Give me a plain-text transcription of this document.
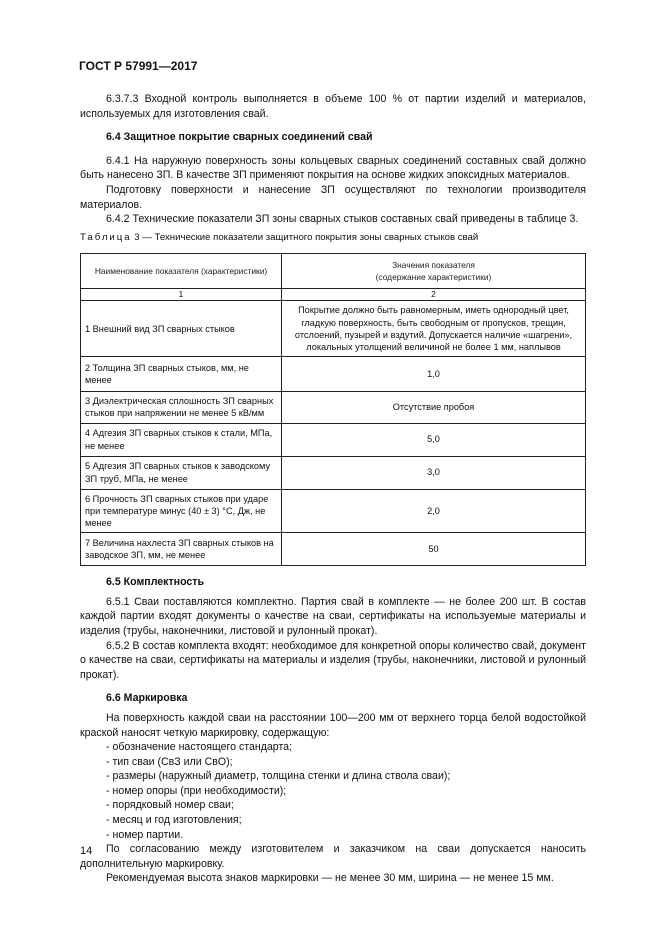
ГОСТ Р 57991—2017

6.3.7.3 Входной контроль выполняется в объеме 100 % от партии изделий и материалов, используемых для изготовления свай.

6.4 Защитное покрытие сварных соединений свай

6.4.1 На наружную поверхность зоны кольцевых сварных соединений составных свай должно быть нанесено ЗП. В качестве ЗП применяют покрытия на основе жидких эпоксидных материалов.

Подготовку поверхности и нанесение ЗП осуществляют по технологии производителя материалов.

6.4.2 Технические показатели ЗП зоны сварных стыков составных свай приведены в таблице 3.

Таблица 3 — Технические показатели защитного покрытия зоны сварных стыков свай
Наименование показателя (характеристики)	Значения показателя
(содержание характеристики)

1	2
1 Внешний вид ЗП сварных стыков	Покрытие должно быть равномерным, иметь однородный цвет, гладкую поверхность, быть свободным от пропусков, трещин, отслоений, пузырей и вздутий. Допускается наличие «шагрени», локальных утолщений величиной не более 1 мм, наплывов
2 Толщина ЗП сварных стыков, мм, не менее	1,0
3 Диэлектрическая сплошность ЗП сварных стыков при напряжении не менее 5 кВ/мм	Отсутствие пробоя
4 Адгезия ЗП сварных стыков к стали, МПа, не менее	5,0
5 Адгезия ЗП сварных стыков к заводскому ЗП труб, МПа, не менее	3,0
6 Прочность ЗП сварных стыков при ударе при температуре минус (40 ± 3) °С, Дж, не менее	2,0
7 Величина нахлеста ЗП сварных стыков на заводское ЗП, мм, не менее	50

6.5 Комплектность

6.5.1 Сваи поставляются комплектно. Партия свай в комплекте — не более 200 шт. В состав каждой партии входят документы о качестве на сваи, сертификаты на используемые материалы и изделия (трубы, наконечники, листовой и рулонный прокат).

6.5.2 В состав комплекта входят: необходимое для конкретной опоры количество свай, документ о качестве на сваи, сертификаты на материалы и изделия (трубы, наконечники, листовой и рулонный прокат).

6.6 Маркировка

На поверхность каждой сваи на расстоянии 100—200 мм от верхнего торца белой водостойкой краской наносят четкую маркировку, содержащую:

- обозначение настоящего стандарта;

- тип сваи (СвЗ или СвО);

- размеры (наружный диаметр, толщина стенки и длина ствола сваи);

- номер опоры (при необходимости);

- порядковый номер сваи;

- месяц и год изготовления;

- номер партии.

По согласованию между изготовителем и заказчиком на сваи допускается наносить дополнительную маркировку.

Рекомендуемая высота знаков маркировки — не менее 30 мм, ширина — не менее 15 мм.

14
